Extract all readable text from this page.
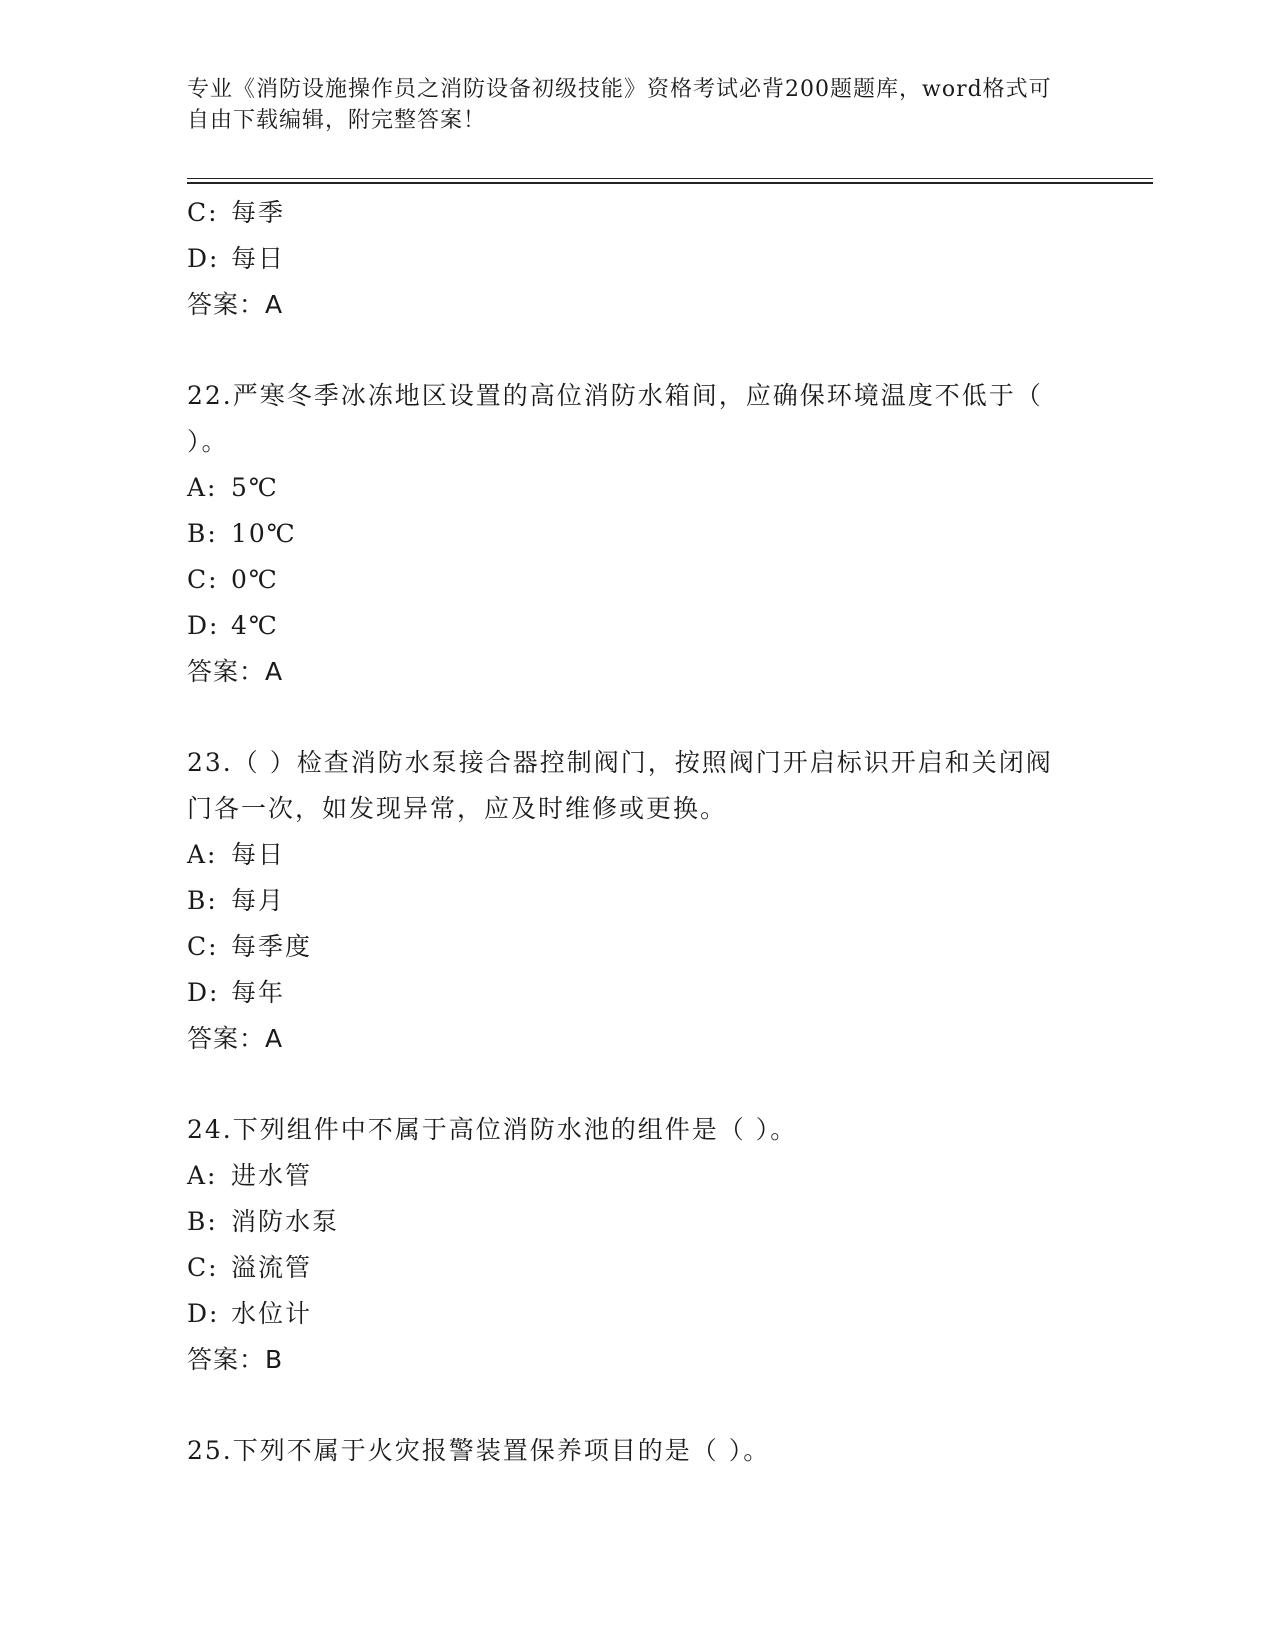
专业《消防设施操作员之消防设备初级技能》资格考试必背200题题库，word格式可自由下载编辑，附完整答案！
C: 每季
D: 每日
答案：A
22.严寒冬季冰冻地区设置的高位消防水箱间，应确保环境温度不低于（ ）。
A: 5℃
B: 10℃
C: 0℃
D: 4℃
答案：A
23.（ ）检查消防水泵接合器控制阀门，按照阀门开启标识开启和关闭阀门各一次，如发现异常，应及时维修或更换。
A: 每日
B: 每月
C: 每季度
D: 每年
答案：A
24.下列组件中不属于高位消防水池的组件是（ ）。
A: 进水管
B: 消防水泵
C: 溢流管
D: 水位计
答案：B
25.下列不属于火灾报警装置保养项目的是（ ）。
